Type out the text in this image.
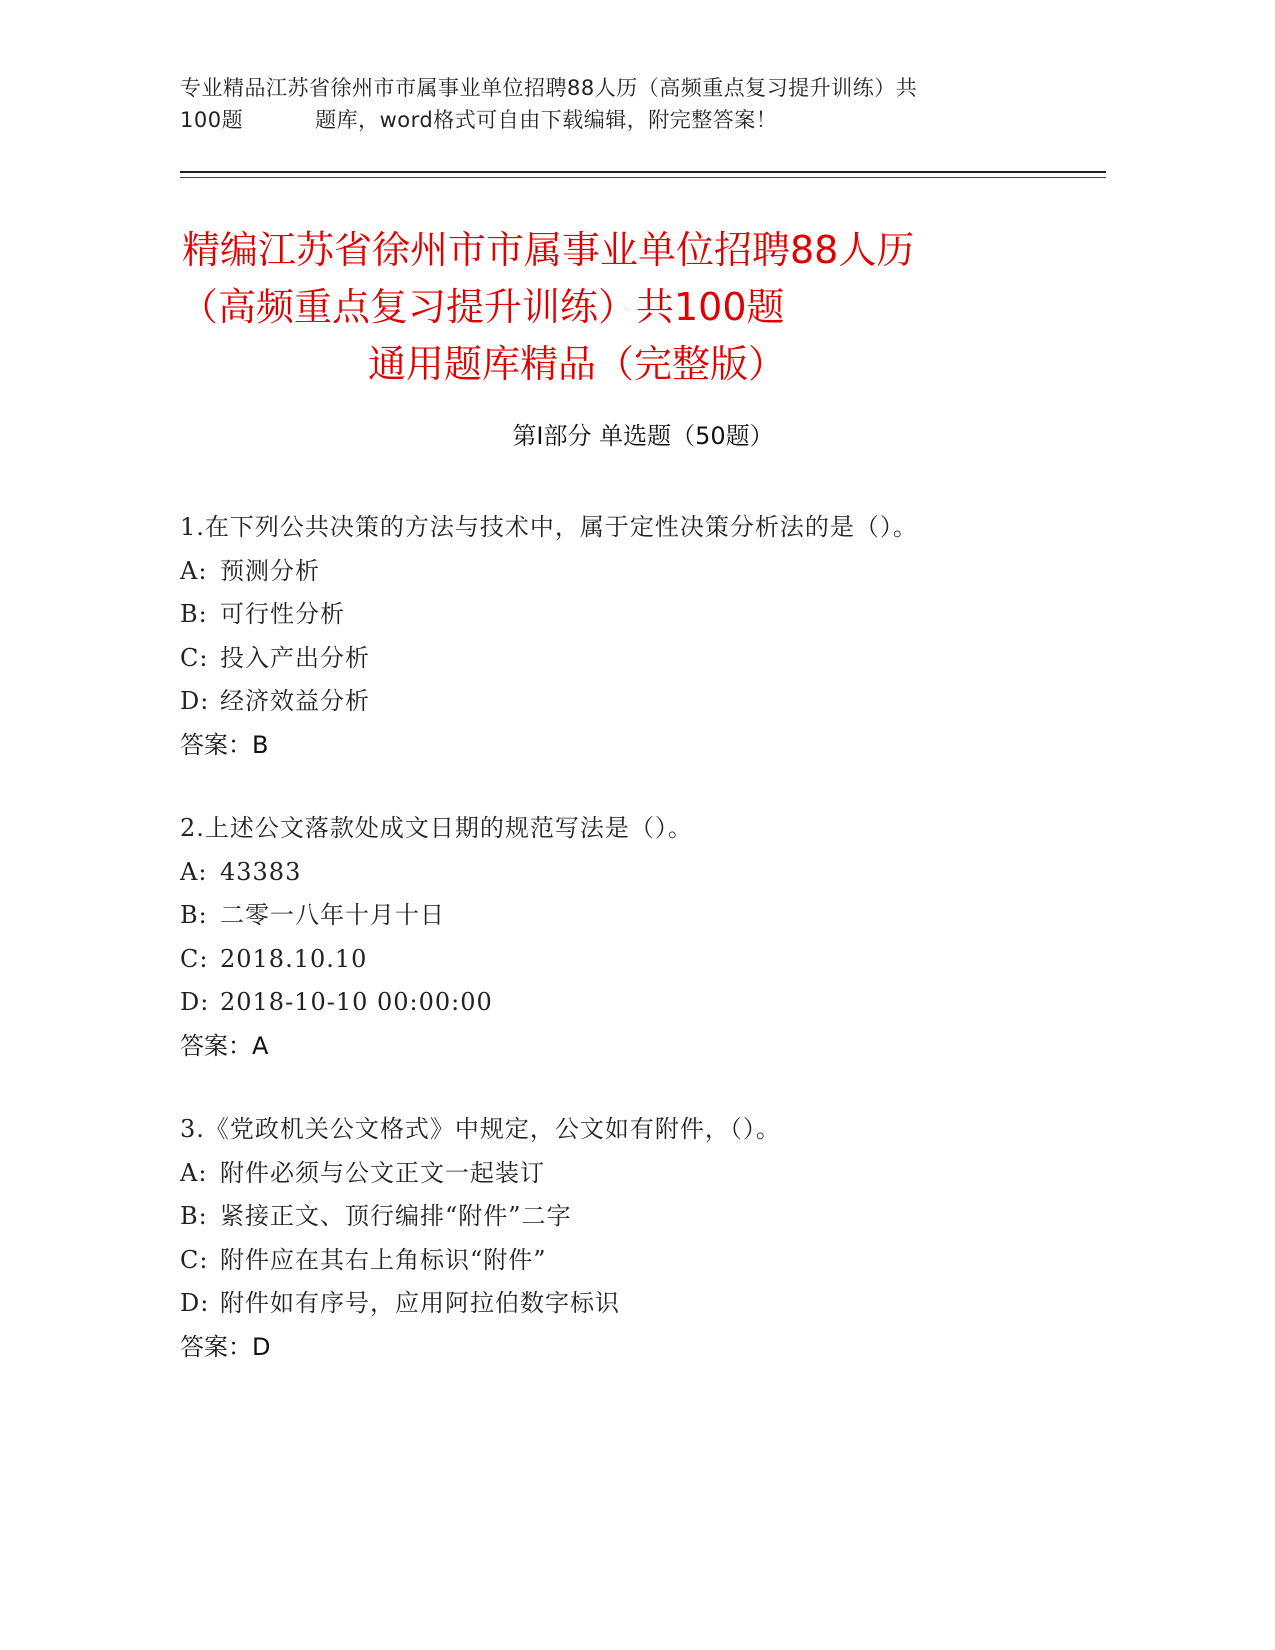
专业精品江苏省徐州市市属事业单位招聘88人历（高频重点复习提升训练）共
100题	题库，word格式可自由下载编辑，附完整答案！
精编江苏省徐州市市属事业单位招聘88人历
（高频重点复习提升训练）共100题
通用题库精品（完整版）
第Ⅰ部分 单选题（50题）
1.在下列公共决策的方法与技术中，属于定性决策分析法的是（）。
A: 预测分析
B: 可行性分析
C: 投入产出分析
D: 经济效益分析
答案：B
2.上述公文落款处成文日期的规范写法是（）。
A: 43383
B: 二零一八年十月十日
C: 2018.10.10
D: 2018-10-10 00:00:00
答案：A
3.《党政机关公文格式》中规定，公文如有附件，（）。
A: 附件必须与公文正文一起装订
B: 紧接正文、顶行编排“附件”二字
C: 附件应在其右上角标识“附件”
D: 附件如有序号，应用阿拉伯数字标识
答案：D
